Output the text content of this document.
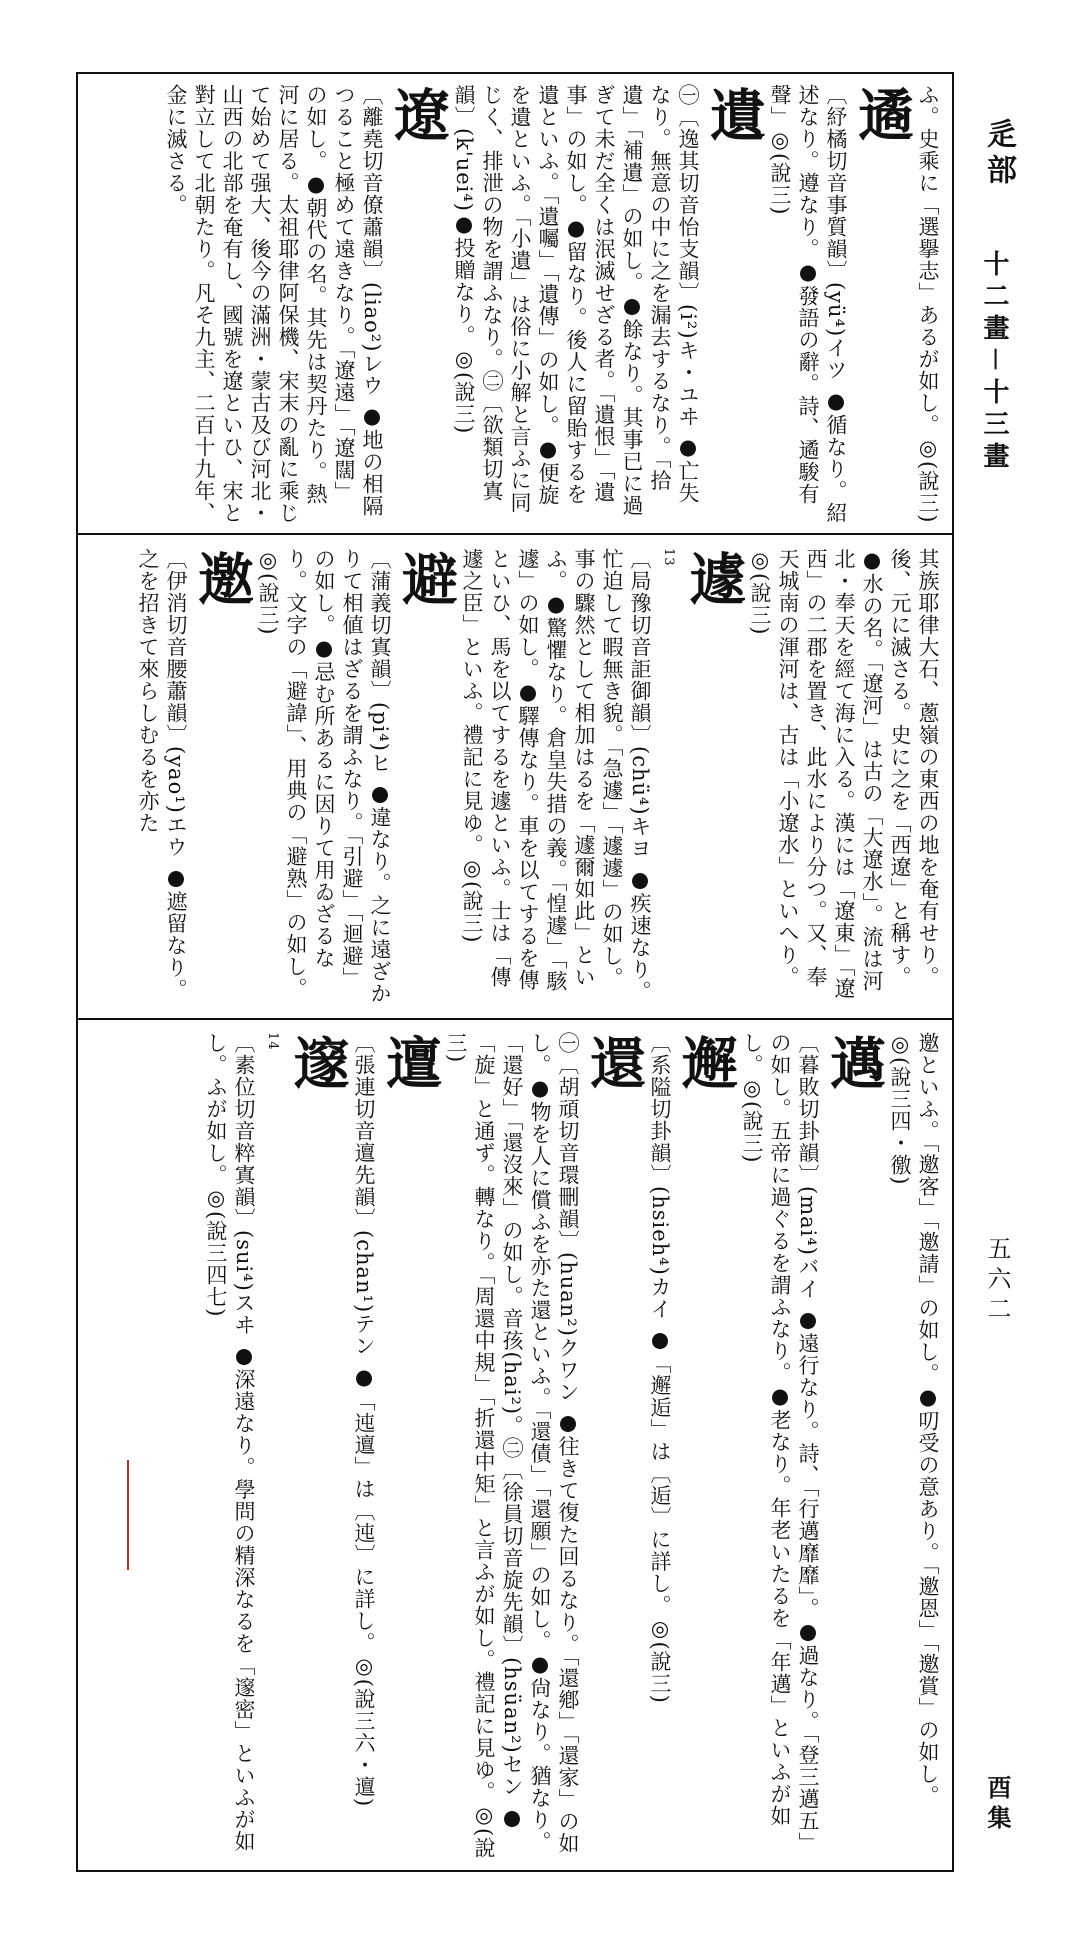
辵部
十二畫－十三畫
五六二
酉集

ふ。史乘に「選擧志」あるが如し。◎(說三)

遹

〔紓橘切音事質韻〕(yü⁴)イツ ●循なり。紹述なり。遵なり。●發語の辭。詩、遹駿有聲」◎(說三)

遺

㊀〔逸其切音怡支韻〕(i²)キ・ユヰ ●亡失なり。無意の中に之を漏去するなり。「拾遺」「補遺」の如し。●餘なり。其事已に過ぎて未だ全くは泯滅せざる者。「遺恨」「遺事」の如し。●留なり。後人に留貽するを遺といふ。「遺囑」「遺傳」の如し。●便旋を遺といふ。「小遺」は俗に小解と言ふに同じく、排泄の物を謂ふなり。㊁〔欲類切寘韻〕(k'uei⁴)●投贈なり。◎(說三)

遼

〔離堯切音僚蕭韻〕(liao²)レウ ●地の相隔つること極めて遠きなり。「遼遠」「遼闊」の如し。●朝代の名。其先は契丹たり。熱河に居る。太祖耶律阿保機、宋末の亂に乘じて始めて强大、後今の滿洲・蒙古及び河北・山西の北部を奄有し、國號を遼といひ、宋と對立して北朝たり。凡そ九主、二百十九年、金に滅さる。

其族耶律大石、蔥嶺の東西の地を奄有せり。後、元に滅さる。史に之を「西遼」と稱す。●水の名。「遼河」は古の「大遼水」。流は河北・奉天を經て海に入る。漢には「遼東」「遼西」の二郡を置き、此水により分つ。又、奉天城南の渾河は、古は「小遼水」といへり。◎(說三)

遽
$^{13}$

〔局豫切音詎御韻〕(chü⁴)キヨ ●疾速なり。忙迫して暇無き貌。「急遽」「遽遽」の如し。事の驟然として相加はるを「遽爾如此」といふ。●驚懼なり。倉皇失措の義。「惶遽」「駭遽」の如し。●驛傳なり。車を以てするを傳といひ、馬を以てするを遽といふ。士は「傳遽之臣」といふ。禮記に見ゆ。◎(說三)

避

〔蒲義切寘韻〕(pi⁴)ヒ ●違なり。之に遠ざかりて相値はざるを謂ふなり。「引避」「迴避」の如し。●忌む所あるに因りて用ゐざるなり。文字の「避諱」、用典の「避熟」の如し。◎(說三)

邀

〔伊消切音腰蕭韻〕(yao¹)エウ ●遮留なり。之を招きて來らしむるを亦た

邀といふ。「邀客」「邀請」の如し。●叨受の意あり。「邀恩」「邀賞」の如し。◎(說三四・徼)

邁

〔暮敗切卦韻〕(mai⁴)バイ ●遠行なり。詩、「行邁靡靡」。●過なり。「登三邁五」の如し。五帝に過ぐるを謂ふなり。●老なり。年老いたるを「年邁」といふが如し。◎(說三)

邂

〔系隘切卦韻〕(hsieh⁴)カイ ●「邂逅」は〔逅〕に詳し。◎(說三)

還

㊀〔胡頑切音環刪韻〕(huan²)クワン ●往きて復た回るなり。「還鄕」「還家」の如し。●物を人に償ふを亦た還といふ。「還債」「還願」の如し。●尙なり。猶なり。「還好」「還沒來」の如し。音孩(hai²)。㊁〔徐員切音旋先韻〕(hsüan²)セン ●「旋」と通ず。轉なり。「周還中規」「折還中矩」と言ふが如し。禮記に見ゆ。◎(說三)

邅

〔張連切音邅先韻〕(chan¹)テン ●「迍邅」は〔迍〕に詳し。◎(說三六・邅)

邃
$^{14}$

〔素位切音粹寘韻〕(sui⁴)スヰ ●深遠なり。學問の精深なるを「邃密」といふが如し。ふが如し。◎(說三四七)
